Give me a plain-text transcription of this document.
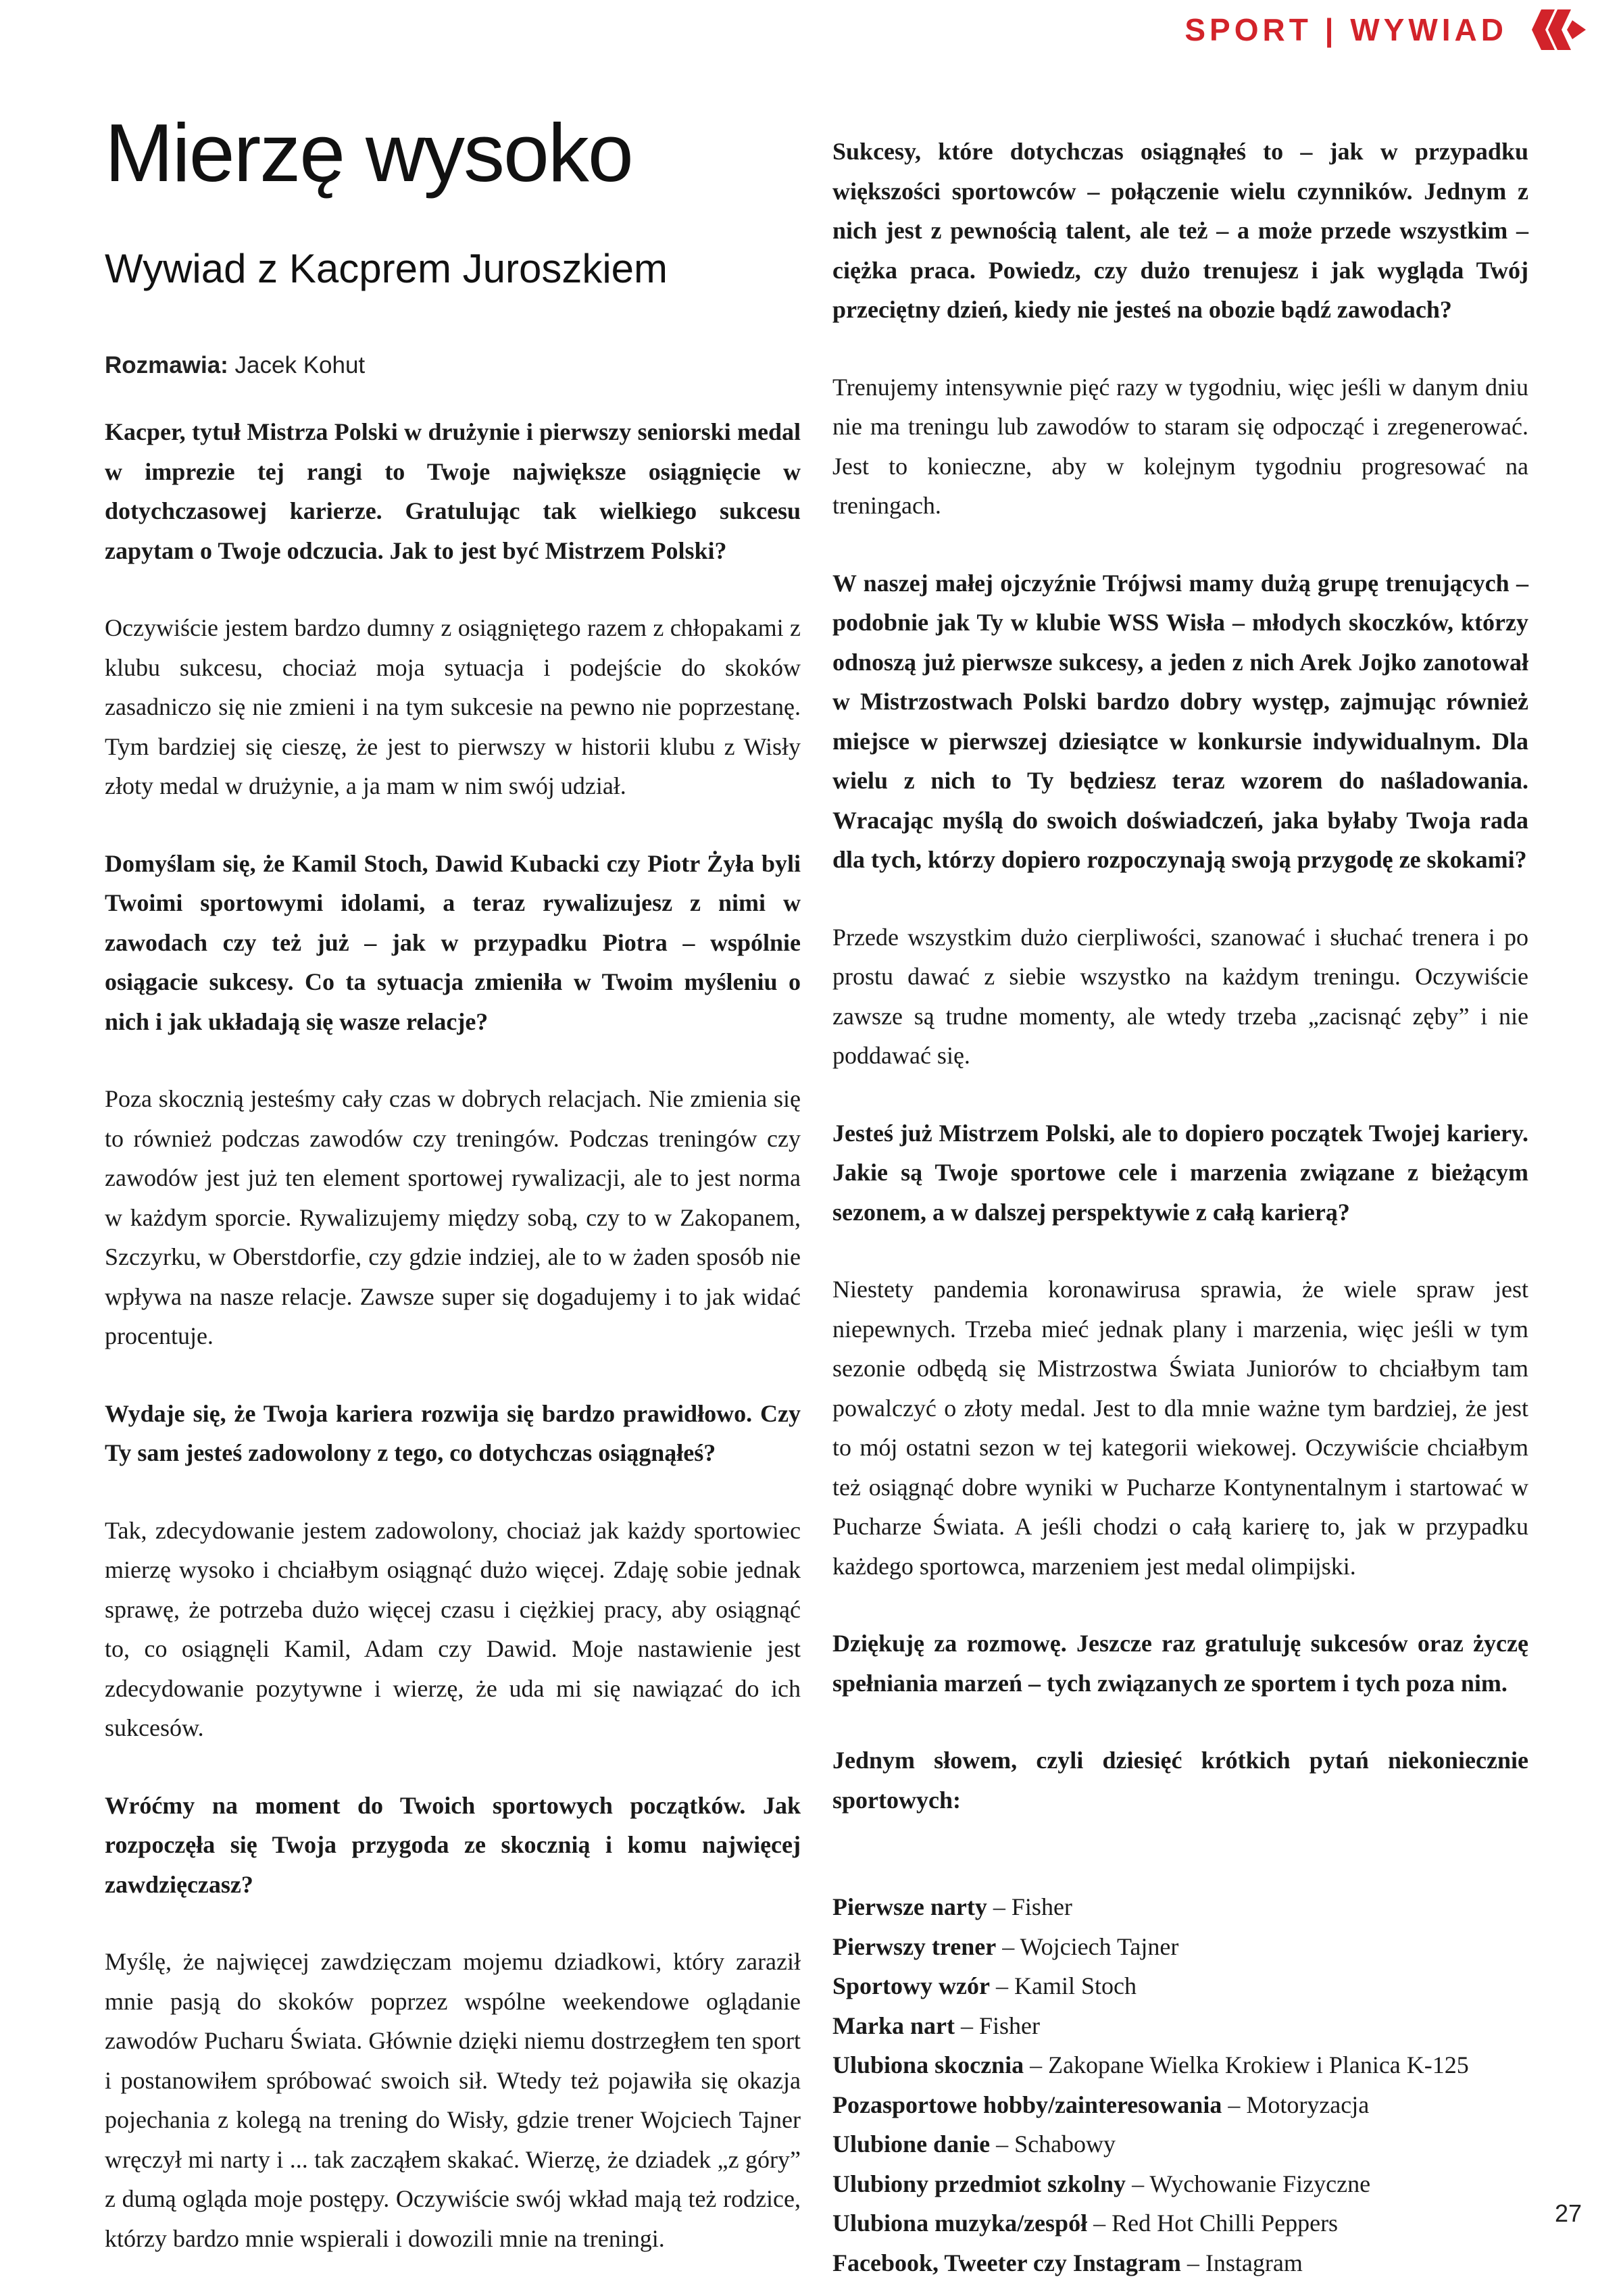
SPORT | WYWIAD
Mierzę wysoko
Wywiad z Kacprem Juroszkiem

Rozmawia: Jacek Kohut

Kacper, tytuł Mistrza Polski w drużynie i pierwszy seniorski medal w imprezie tej rangi to Twoje największe osiągnięcie w dotychczasowej karierze. Gratulując tak wielkiego sukcesu zapytam o Twoje odczucia. Jak to jest być Mistrzem Polski?

Oczywiście jestem bardzo dumny z osiągniętego razem z chłopakami z klubu sukcesu, chociaż moja sytuacja i podejście do skoków zasadniczo się nie zmieni i na tym sukcesie na pewno nie poprzestanę. Tym bardziej się cieszę, że jest to pierwszy w historii klubu z Wisły złoty medal w drużynie, a ja mam w nim swój udział.

Domyślam się, że Kamil Stoch, Dawid Kubacki czy Piotr Żyła byli Twoimi sportowymi idolami, a teraz rywalizujesz z nimi w zawodach czy też już – jak w przypadku Piotra – wspólnie osiągacie sukcesy. Co ta sytuacja zmieniła w Twoim myśleniu o nich i jak układają się wasze relacje?

Poza skocznią jesteśmy cały czas w dobrych relacjach. Nie zmienia się to również podczas zawodów czy treningów. Podczas treningów czy zawodów jest już ten element sportowej rywalizacji, ale to jest norma w każdym sporcie. Rywalizujemy między sobą, czy to w Zakopanem, Szczyrku, w Oberstdorfie, czy gdzie indziej, ale to w żaden sposób nie wpływa na nasze relacje. Zawsze super się dogadujemy i to jak widać procentuje.

Wydaje się, że Twoja kariera rozwija się bardzo prawidłowo. Czy Ty sam jesteś zadowolony z tego, co dotychczas osiągnąłeś?

Tak, zdecydowanie jestem zadowolony, chociaż jak każdy sportowiec mierzę wysoko i chciałbym osiągnąć dużo więcej. Zdaję sobie jednak sprawę, że potrzeba dużo więcej czasu i ciężkiej pracy, aby osiągnąć to, co osiągnęli Kamil, Adam czy Dawid. Moje nastawienie jest zdecydowanie pozytywne i wierzę, że uda mi się nawiązać do ich sukcesów.

Wróćmy na moment do Twoich sportowych początków. Jak rozpoczęła się Twoja przygoda ze skocznią i komu najwięcej zawdzięczasz?

Myślę, że najwięcej zawdzięczam mojemu dziadkowi, który zaraził mnie pasją do skoków poprzez wspólne weekendowe oglądanie zawodów Pucharu Świata. Głównie dzięki niemu dostrzegłem ten sport i postanowiłem spróbować swoich sił. Wtedy też pojawiła się okazja pojechania z kolegą na trening do Wisły, gdzie trener Wojciech Tajner wręczył mi narty i ... tak zacząłem skakać. Wierzę, że dziadek „z góry” z dumą ogląda moje postępy. Oczywiście swój wkład mają też rodzice, którzy bardzo mnie wspierali i dowozili mnie na treningi.

Sukcesy, które dotychczas osiągnąłeś to – jak w przypadku większości sportowców – połączenie wielu czynników. Jednym z nich jest z pewnością talent, ale też – a może przede wszystkim – ciężka praca. Powiedz, czy dużo trenujesz i jak wygląda Twój przeciętny dzień, kiedy nie jesteś na obozie bądź zawodach?

Trenujemy intensywnie pięć razy w tygodniu, więc jeśli w danym dniu nie ma treningu lub zawodów to staram się odpocząć i zregenerować. Jest to konieczne, aby w kolejnym tygodniu progresować na treningach.

W naszej małej ojczyźnie Trójwsi mamy dużą grupę trenujących – podobnie jak Ty w klubie WSS Wisła – młodych skoczków, którzy odnoszą już pierwsze sukcesy, a jeden z nich Arek Jojko zanotował w Mistrzostwach Polski bardzo dobry występ, zajmując również miejsce w pierwszej dziesiątce w konkursie indywidualnym. Dla wielu z nich to Ty będziesz teraz wzorem do naśladowania. Wracając myślą do swoich doświadczeń, jaka byłaby Twoja rada dla tych, którzy dopiero rozpoczynają swoją przygodę ze skokami?

Przede wszystkim dużo cierpliwości, szanować i słuchać trenera i po prostu dawać z siebie wszystko na każdym treningu. Oczywiście zawsze są trudne momenty, ale wtedy trzeba „zacisnąć zęby” i nie poddawać się.

Jesteś już Mistrzem Polski, ale to dopiero początek Twojej kariery. Jakie są Twoje sportowe cele i marzenia związane z bieżącym sezonem, a w dalszej perspektywie z całą karierą?

Niestety pandemia koronawirusa sprawia, że wiele spraw jest niepewnych. Trzeba mieć jednak plany i marzenia, więc jeśli w tym sezonie odbędą się Mistrzostwa Świata Juniorów to chciałbym tam powalczyć o złoty medal. Jest to dla mnie ważne tym bardziej, że jest to mój ostatni sezon w tej kategorii wiekowej. Oczywiście chciałbym też osiągnąć dobre wyniki w Pucharze Kontynentalnym i startować w Pucharze Świata. A jeśli chodzi o całą karierę to, jak w przypadku każdego sportowca, marzeniem jest medal olimpijski.

Dziękuję za rozmowę. Jeszcze raz gratuluję sukcesów oraz życzę spełniania marzeń – tych związanych ze sportem i tych poza nim.

Jednym słowem, czyli dziesięć krótkich pytań niekoniecznie sportowych:

Pierwsze narty – Fisher
Pierwszy trener – Wojciech Tajner
Sportowy wzór – Kamil Stoch
Marka nart – Fisher
Ulubiona skocznia – Zakopane Wielka Krokiew i Planica K-125
Pozasportowe hobby/zainteresowania – Motoryzacja
Ulubione danie – Schabowy
Ulubiony przedmiot szkolny – Wychowanie Fizyczne
Ulubiona muzyka/zespół – Red Hot Chilli Peppers
Facebook, Tweeter czy Instagram – Instagram
27
